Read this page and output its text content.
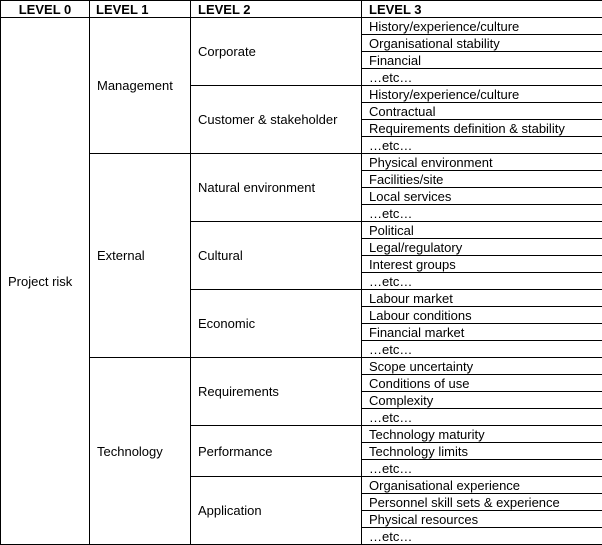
LEVEL 0	LEVEL 1	LEVEL 2	LEVEL 3
Project risk	Management	Corporate	History/experience/culture
			Organisational stability
			Financial
			…etc…
		Customer & stakeholder	History/experience/culture
			Contractual
			Requirements definition & stability
			…etc…
	External	Natural environment	Physical environment
			Facilities/site
			Local services
			…etc…
		Cultural	Political
			Legal/regulatory
			Interest groups
			…etc…
		Economic	Labour market
			Labour conditions
			Financial market
			…etc…
	Technology	Requirements	Scope uncertainty
			Conditions of use
			Complexity
			…etc…
		Performance	Technology maturity
			Technology limits
			…etc…
		Application	Organisational experience
			Personnel skill sets & experience
			Physical resources
			…etc…
